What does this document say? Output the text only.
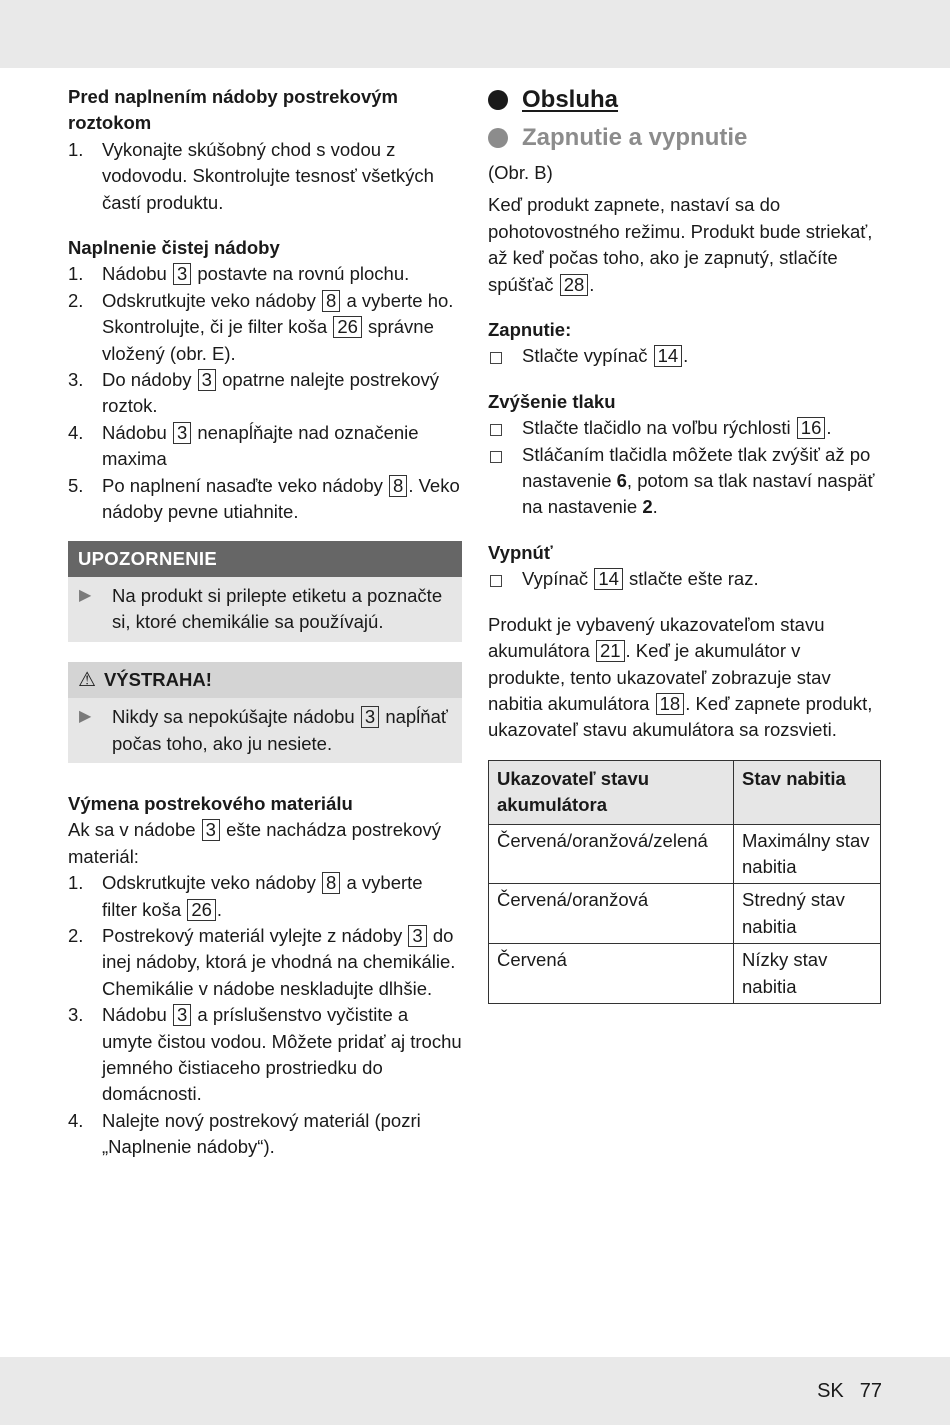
Pred naplnením nádoby postrekovým roztokom

1. Vykonajte skúšobný chod s vodou z vodovodu. Skontrolujte tesnosť všetkých častí produktu.

Naplnenie čistej nádoby

1. Nádobu 3 postavte na rovnú plochu.
2. Odskrutkujte veko nádoby 8 a vyberte ho. Skontrolujte, či je filter koša 26 správne vložený (obr. E).
3. Do nádoby 3 opatrne nalejte postrekový roztok.
4. Nádobu 3 nenapĺňajte nad označenie maxima
5. Po naplnení nasaďte veko nádoby 8 . Veko nádoby pevne utiahnite.
UPOZORNENIE
▶ Na produkt si prilepte etiketu a poznačte si, ktoré chemikálie sa používajú.
⚠ VÝSTRAHA!
▶ Nikdy sa nepokúšajte nádobu 3 napĺňať počas toho, ako ju nesiete.

Výmena postrekového materiálu

Ak sa v nádobe 3 ešte nachádza postrekový materiál:

1. Odskrutkujte veko nádoby 8 a vyberte filter koša 26 .
2. Postrekový materiál vylejte z nádoby 3 do inej nádoby, ktorá je vhodná na chemikálie. Chemikálie v nádobe neskladujte dlhšie.
3. Nádobu 3 a príslušenstvo vyčistite a umyte čistou vodou. Môžete pridať aj trochu jemného čistiaceho prostriedku do domácnosti.
4. Nalejte nový postrekový materiál (pozri „Naplnenie nádoby“).
Obsluha
Zapnutie a vypnutie

(Obr. B)

Keď produkt zapnete, nastaví sa do pohotovostného režimu. Produkt bude striekať, až keď počas toho, ako je zapnutý, stlačíte spúšťač 28 .

Zapnutie:

Stlačte vypínač 14 .

Zvýšenie tlaku

Stlačte tlačidlo na voľbu rýchlosti 16 .
Stláčaním tlačidla môžete tlak zvýšiť až po nastavenie 6, potom sa tlak nastaví naspäť na nastavenie 2.

Vypnúť

Vypínač 14 stlačte ešte raz.

Produkt je vybavený ukazovateľom stavu akumulátora 21 . Keď je akumulátor v produkte, tento ukazovateľ zobrazuje stav nabitia akumulátora 18 . Keď zapnete produkt, ukazovateľ stavu akumulátora sa rozsvieti.

Ukazovateľ stavu akumulátora	Stav nabitia
Červená/oranžová/zelená	Maximálny stav nabitia
Červená/oranžová	Stredný stav nabitia
Červená	Nízky stav nabitia
SK 77
